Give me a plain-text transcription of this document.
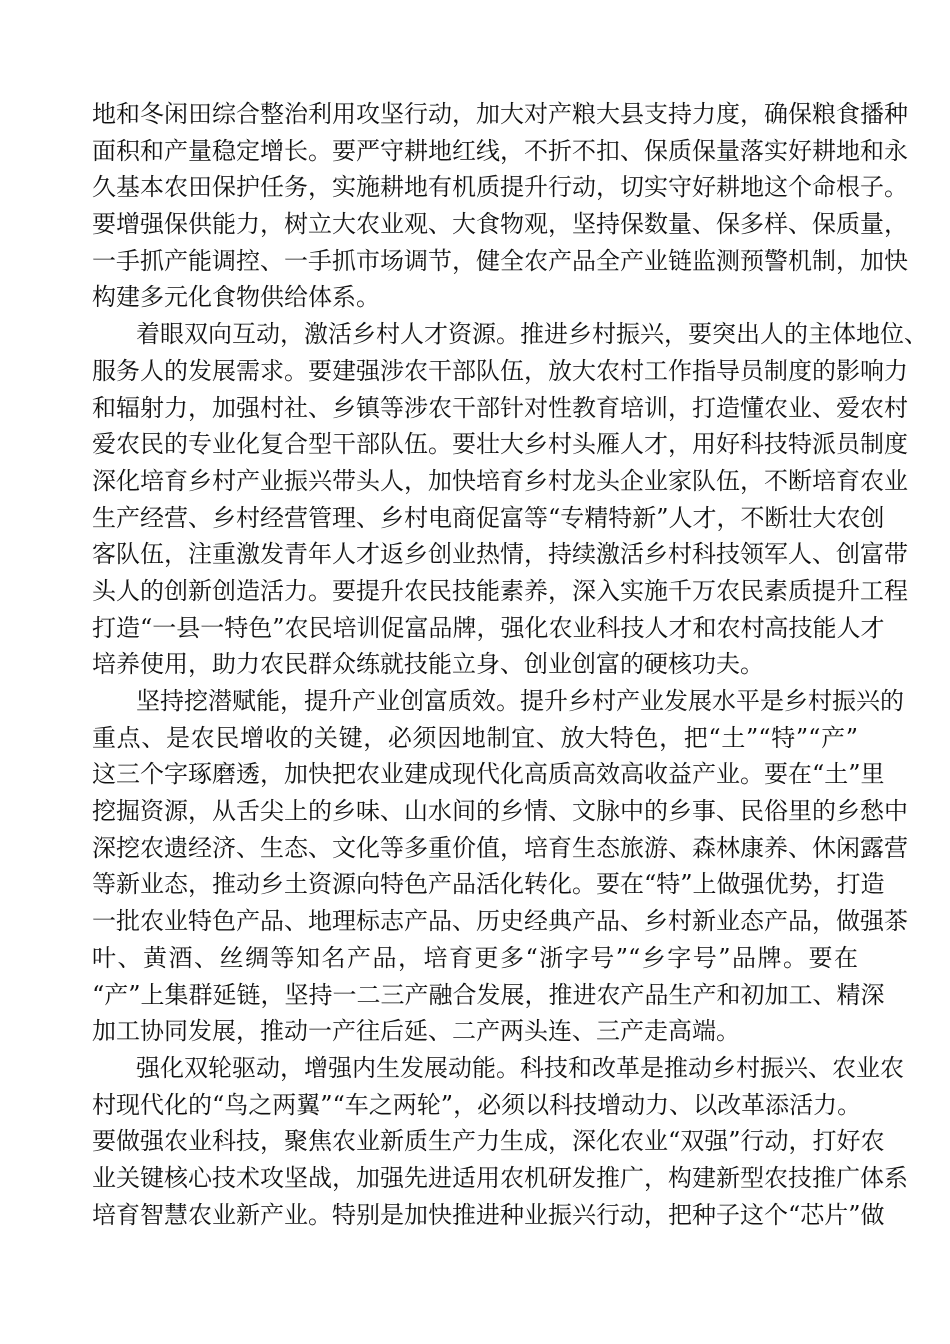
地和冬闲田综合整治利用攻坚行动，加大对产粮大县支持力度，确保粮食播种
面积和产量稳定增长。要严守耕地红线，不折不扣、保质保量落实好耕地和永
久基本农田保护任务，实施耕地有机质提升行动，切实守好耕地这个命根子。
要增强保供能力，树立大农业观、大食物观，坚持保数量、保多样、保质量，
一手抓产能调控、一手抓市场调节，健全农产品全产业链监测预警机制，加快
构建多元化食物供给体系。
着眼双向互动，激活乡村人才资源。推进乡村振兴，要突出人的主体地位、
服务人的发展需求。要建强涉农干部队伍，放大农村工作指导员制度的影响力
和辐射力，加强村社、乡镇等涉农干部针对性教育培训，打造懂农业、爱农村
爱农民的专业化复合型干部队伍。要壮大乡村头雁人才，用好科技特派员制度
深化培育乡村产业振兴带头人，加快培育乡村龙头企业家队伍，不断培育农业
生产经营、乡村经营管理、乡村电商促富等“专精特新”人才，不断壮大农创
客队伍，注重激发青年人才返乡创业热情，持续激活乡村科技领军人、创富带
头人的创新创造活力。要提升农民技能素养，深入实施千万农民素质提升工程
打造“一县一特色”农民培训促富品牌，强化农业科技人才和农村高技能人才
培养使用，助力农民群众练就技能立身、创业创富的硬核功夫。
坚持挖潜赋能，提升产业创富质效。提升乡村产业发展水平是乡村振兴的
重点、是农民增收的关键，必须因地制宜、放大特色，把“土”“特”“产”
这三个字琢磨透，加快把农业建成现代化高质高效高收益产业。要在“土”里
挖掘资源，从舌尖上的乡味、山水间的乡情、文脉中的乡事、民俗里的乡愁中
深挖农遗经济、生态、文化等多重价值，培育生态旅游、森林康养、休闲露营
等新业态，推动乡土资源向特色产品活化转化。要在“特”上做强优势，打造
一批农业特色产品、地理标志产品、历史经典产品、乡村新业态产品，做强茶
叶、黄酒、丝绸等知名产品，培育更多“浙字号”“乡字号”品牌。要在
“产”上集群延链，坚持一二三产融合发展，推进农产品生产和初加工、精深
加工协同发展，推动一产往后延、二产两头连、三产走高端。
强化双轮驱动，增强内生发展动能。科技和改革是推动乡村振兴、农业农
村现代化的“鸟之两翼”“车之两轮”，必须以科技增动力、以改革添活力。
要做强农业科技，聚焦农业新质生产力生成，深化农业“双强”行动，打好农
业关键核心技术攻坚战，加强先进适用农机研发推广，构建新型农技推广体系
培育智慧农业新产业。特别是加快推进种业振兴行动，把种子这个“芯片”做
